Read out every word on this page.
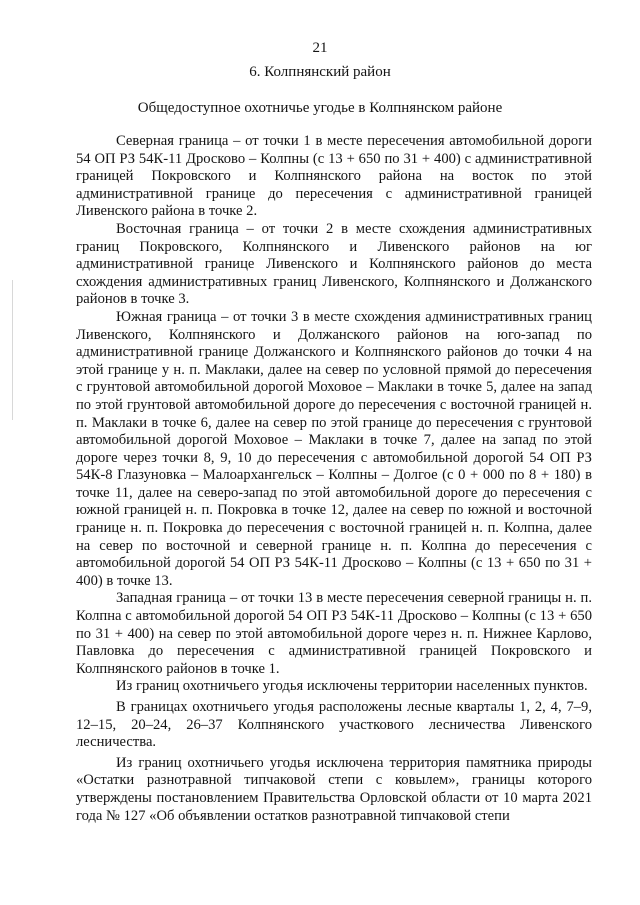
21
6. Колпнянский район
Общедоступное охотничье угодье в Колпнянском районе

Северная граница – от точки 1 в месте пересечения автомобильной дороги 54 ОП РЗ 54К-11 Дросково – Колпны (с 13 + 650 по 31 + 400) с административной границей Покровского и Колпнянского района на восток по этой административной границе до пересечения с административной границей Ливенского района в точке 2.

Восточная граница – от точки 2 в месте схождения административных границ Покровского, Колпнянского и Ливенского районов на юг административной границе Ливенского и Колпнянского районов до места схождения административных границ Ливенского, Колпнянского и Должанского районов в точке 3.

Южная граница – от точки 3 в месте схождения административных границ Ливенского, Колпнянского и Должанского районов на юго-запад по административной границе Должанского и Колпнянского районов до точки 4 на этой границе у н. п. Маклаки, далее на север по условной прямой до пересечения с грунтовой автомобильной дорогой Моховое – Маклаки в точке 5, далее на запад по этой грунтовой автомобильной дороге до пересечения с восточной границей н. п. Маклаки в точке 6, далее на север по этой границе до пересечения с грунтовой автомобильной дорогой Моховое – Маклаки в точке 7, далее на запад по этой дороге через точки 8, 9, 10 до пересечения с автомобильной дорогой 54 ОП РЗ 54К-8 Глазуновка – Малоархангельск – Колпны – Долгое (с 0 + 000 по 8 + 180) в точке 11, далее на северо-запад по этой автомобильной дороге до пересечения с южной границей н. п. Покровка в точке 12, далее на север по южной и восточной границе н. п. Покровка до пересечения с восточной границей н. п. Колпна, далее на север по восточной и северной границе н. п. Колпна до пересечения с автомобильной дорогой 54 ОП РЗ 54К-11 Дросково – Колпны (с 13 + 650 по 31 + 400) в точке 13.

Западная граница – от точки 13 в месте пересечения северной границы н. п. Колпна с автомобильной дорогой 54 ОП РЗ 54К-11 Дросково – Колпны (с 13 + 650 по 31 + 400) на север по этой автомобильной дороге через н. п. Нижнее Карлово, Павловка до пересечения с административной границей Покровского и Колпнянского районов в точке 1.

Из границ охотничьего угодья исключены территории населенных пунктов.

В границах охотничьего угодья расположены лесные кварталы 1, 2, 4, 7–9, 12–15, 20–24, 26–37 Колпнянского участкового лесничества Ливенского лесничества.

Из границ охотничьего угодья исключена территория памятника природы «Остатки разнотравной типчаковой степи с ковылем», границы которого утверждены постановлением Правительства Орловской области от 10 марта 2021 года № 127 «Об объявлении остатков разнотравной типчаковой степи
